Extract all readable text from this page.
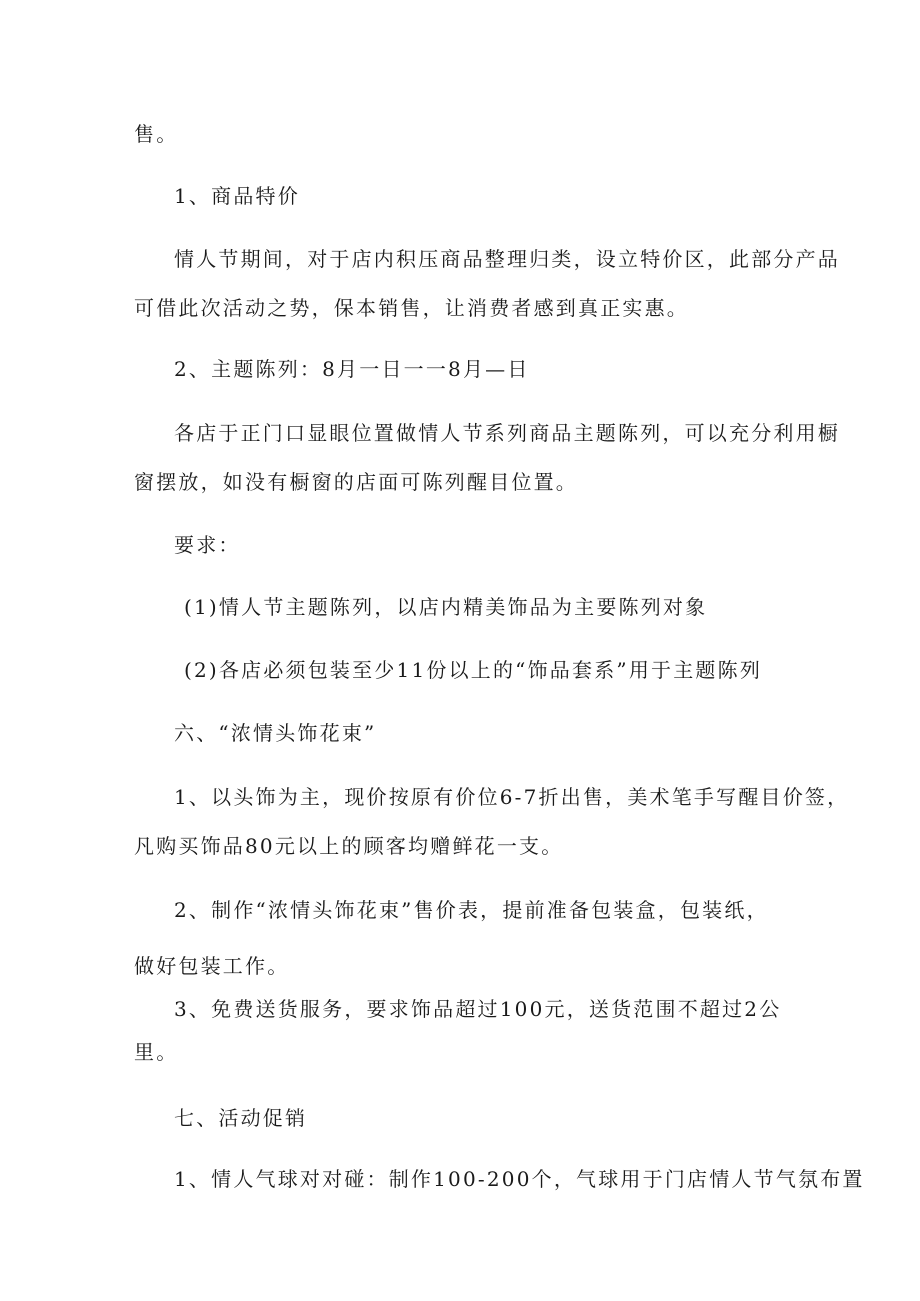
售。
1、商品特价
情人节期间，对于店内积压商品整理归类，设立特价区，此部分产品
可借此次活动之势，保本销售，让消费者感到真正实惠。
2、主题陈列：8月一日一一8月—日
各店于正门口显眼位置做情人节系列商品主题陈列，可以充分利用橱
窗摆放，如没有橱窗的店面可陈列醒目位置。
要求：
(1)情人节主题陈列，以店内精美饰品为主要陈列对象
(2)各店必须包装至少11份以上的“饰品套系”用于主题陈列
六、“浓情头饰花束”
1、以头饰为主，现价按原有价位6-7折出售，美术笔手写醒目价签，
凡购买饰品80元以上的顾客均赠鲜花一支。
2、制作“浓情头饰花束”售价表，提前准备包装盒，包装纸，
做好包装工作。
3、免费送货服务，要求饰品超过100元，送货范围不超过2公
里。
七、活动促销
1、情人气球对对碰：制作100-200个，气球用于门店情人节气氛布置
